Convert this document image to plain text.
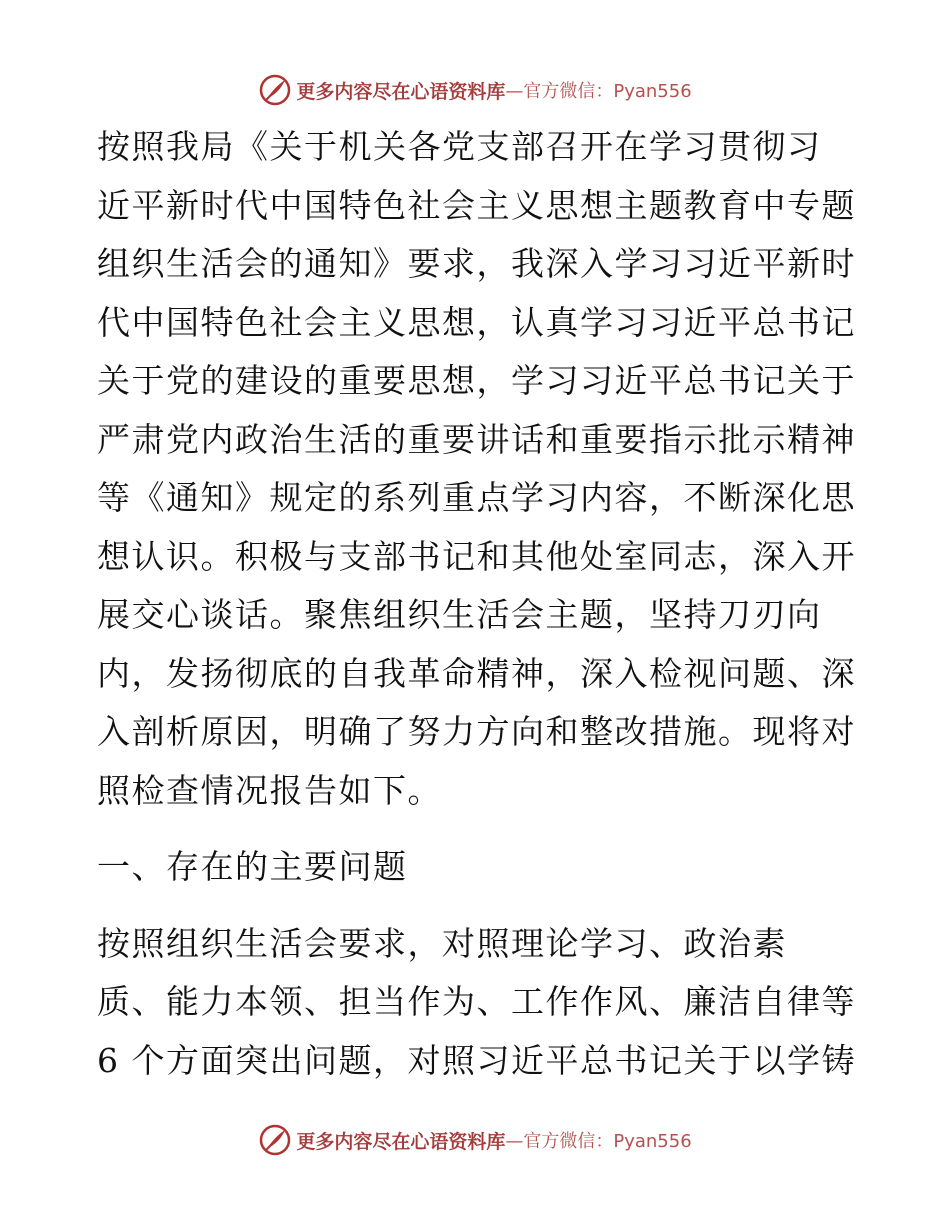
更多内容尽在心语资料库 —官方微信：Pyan556

按照我局《关于机关各党支部召开在学习贯彻习
近平新时代中国特色社会主义思想主题教育中专题
组织生活会的通知》要求，我深入学习习近平新时
代中国特色社会主义思想，认真学习习近平总书记
关于党的建设的重要思想，学习习近平总书记关于
严肃党内政治生活的重要讲话和重要指示批示精神
等《通知》规定的系列重点学习内容，不断深化思
想认识。积极与支部书记和其他处室同志，深入开
展交心谈话。聚焦组织生活会主题，坚持刀刃向
内，发扬彻底的自我革命精神，深入检视问题、深
入剖析原因，明确了努力方向和整改措施。现将对
照检查情况报告如下。

一、存在的主要问题

按照组织生活会要求，对照理论学习、政治素
质、能力本领、担当作为、工作作风、廉洁自律等
6 个方面突出问题，对照习近平总书记关于以学铸

更多内容尽在心语资料库 —官方微信：Pyan556
